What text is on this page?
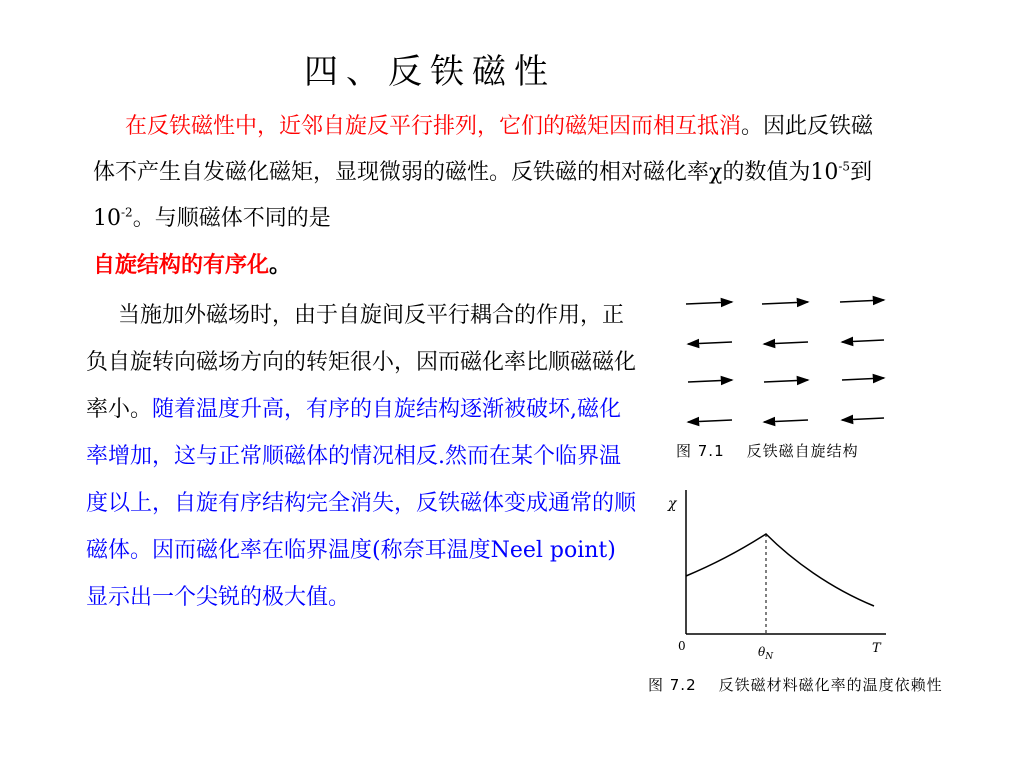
四、反铁磁性
在反铁磁性中，近邻自旋反平行排列，它们的磁矩因而相互抵消。因此反铁磁体不产生自发磁化磁矩，显现微弱的磁性。反铁磁的相对磁化率χ的数值为$10^{-5}$到$10^{-2}$。与顺磁体不同的是
自旋结构的有序化。
当施加外磁场时，由于自旋间反平行耦合的作用，正负自旋转向磁场方向的转矩很小，因而磁化率比顺磁磁化率小。随着温度升高，有序的自旋结构逐渐被破坏,磁化率增加，这与正常顺磁体的情况相反.然而在某个临界温度以上，自旋有序结构完全消失，反铁磁体变成通常的顺磁体。因而磁化率在临界温度(称奈耳温度Neel point)显示出一个尖锐的极大值。
图 7.1 反铁磁自旋结构
χ
T
0	$\theta_N$
图 7.2 反铁磁材料磁化率的温度依赖性
